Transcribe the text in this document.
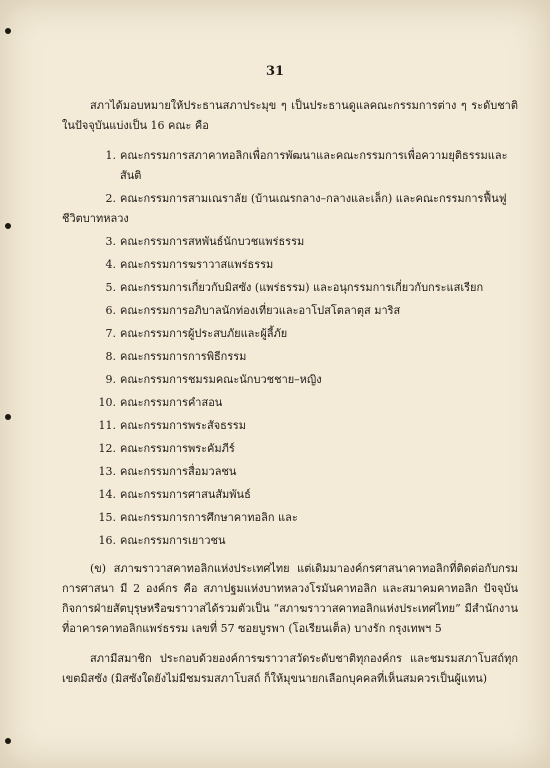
31

สภาได้มอบหมายให้ประธานสภาประมุข ๆ เป็นประธานดูแลคณะกรรมการต่าง ๆ ระดับชาติ ในปัจจุบันแบ่งเป็น 16 คณะ คือ

1. คณะกรรมการสภาคาทอลิกเพื่อการพัฒนาและคณะกรรมการเพื่อความยุติธรรมและสันติ
2. คณะกรรมการสามเณราลัย (บ้านเณรกลาง–กลางและเล็ก) และคณะกรรมการฟื้นฟูชีวิตบาทหลวง
3. คณะกรรมการสหพันธ์นักบวชแพร่ธรรม
4. คณะกรรมการฆราวาสแพร่ธรรม
5. คณะกรรมการเกี่ยวกับมิสซัง (แพร่ธรรม) และอนุกรรมการเกี่ยวกับกระแสเรียก
6. คณะกรรมการอภิบาลนักท่องเที่ยวและอาโปสโตลาตุส มาริส
7. คณะกรรมการผู้ประสบภัยและผู้ลี้ภัย
8. คณะกรรมการการพิธีกรรม
9. คณะกรรมการชมรมคณะนักบวชชาย–หญิง
10. คณะกรรมการคำสอน
11. คณะกรรมการพระสัจธรรม
12. คณะกรรมการพระคัมภีร์
13. คณะกรรมการสื่อมวลชน
14. คณะกรรมการศาสนสัมพันธ์
15. คณะกรรมการการศึกษาคาทอลิก และ
16. คณะกรรมการเยาวชน

(ข) สภาฆราวาสคาทอลิกแห่งประเทศไทย แต่เดิมมาองค์กรศาสนาคาทอลิกที่ติดต่อกับกรมการศาสนา มี 2 องค์กร คือ สภาปฐมแห่งบาทหลวงโรมันคาทอลิก และสมาคมคาทอลิก ปัจจุบันกิจการฝ่ายสัตบุรุษหรือฆราวาสได้รวมตัวเป็น “สภาฆราวาสคาทอลิกแห่งประเทศไทย” มีสำนักงานที่อาคารคาทอลิกแพร่ธรรม เลขที่ 57 ซอยบูรพา (โอเรียนเต็ล) บางรัก กรุงเทพฯ 5

สภามีสมาชิก ประกอบด้วยองค์การฆราวาสวัดระดับชาติทุกองค์กร และชมรมสภาโบสถ์ทุกเขตมิสซัง (มิสซังใดยังไม่มีชมรมสภาโบสถ์ ก็ให้มุขนายกเลือกบุคคลที่เห็นสมควรเป็นผู้แทน)
